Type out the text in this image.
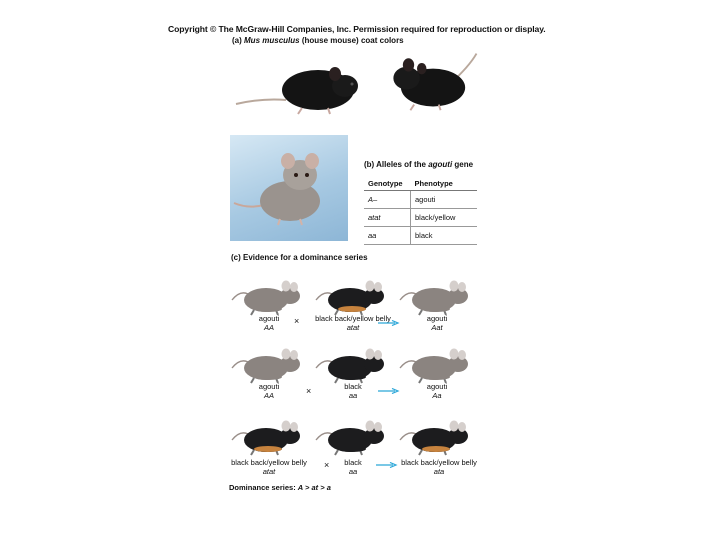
Copyright © The McGraw-Hill Companies, Inc. Permission required for reproduction or display.
(a) Mus musculus (house mouse) coat colors
(b) Alleles of the agouti gene
Genotype	Phenotype
A–	agouti
atat	black/yellow
aa	black
(c) Evidence for a dominance series
agouti
AA
×	black back/yellow belly
atat
agouti
Aat
agouti
AA	×	black
aa
agouti
Aa
black back/yellow belly
atat
×	black
aa
black back/yellow belly
ata
Dominance series: A > at > a
